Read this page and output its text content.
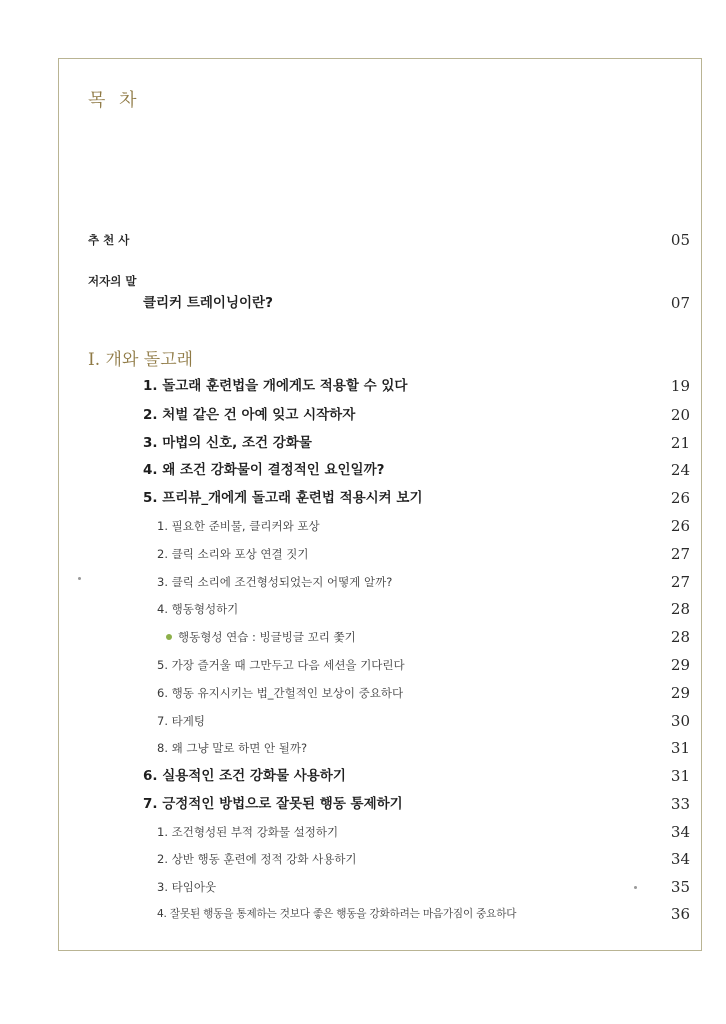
목 차
추 천 사	05
저자의 말
클리커 트레이닝이란?	07
I. 개와 돌고래
1. 돌고래 훈련법을 개에게도 적용할 수 있다	19
2. 처벌 같은 건 아예 잊고 시작하자	20
3. 마법의 신호, 조건 강화물	21
4. 왜 조건 강화물이 결정적인 요인일까?	24
5. 프리뷰_개에게 돌고래 훈련법 적용시켜 보기	26
1. 필요한 준비물, 클리커와 포상	26
2. 클릭 소리와 포상 연결 짓기	27
3. 클릭 소리에 조건형성되었는지 어떻게 알까?	27
4. 행동형성하기	28
행동형성 연습 : 빙글빙글 꼬리 쫓기	28
5. 가장 즐거울 때 그만두고 다음 세션을 기다린다	29
6. 행동 유지시키는 법_간헐적인 보상이 중요하다	29
7. 타게팅	30
8. 왜 그냥 말로 하면 안 될까?	31
6. 실용적인 조건 강화물 사용하기	31
7. 긍정적인 방법으로 잘못된 행동 통제하기	33
1. 조건형성된 부적 강화물 설정하기	34
2. 상반 행동 훈련에 정적 강화 사용하기	34
3. 타임아웃	35
4. 잘못된 행동을 통제하는 것보다 좋은 행동을 강화하려는 마음가짐이 중요하다	36
